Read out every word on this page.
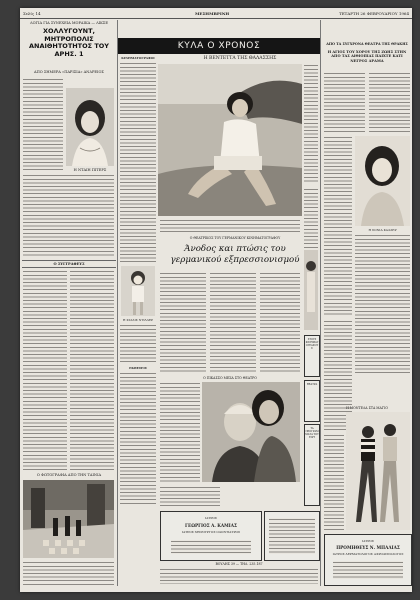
Σελίς 14	ΜΕΣΗΜΒΡΙΝΗ	ΤΕΤΑΡΤΗ 26 ΦΕΒΡΟΥΑΡΙΟΥ 1964
ΛΟΓΙΑ ΓΙΑ ΣΥΝΕΧΕΙΑ ΜΟΡΑΙΚΑ — ΛΙΚΣΕ
ΧΟΛΛΥΓΟΥΝΤ, ΜΗΤΡΟΠΟΛΙΣ ΑΝΑΙΘΗΤΟΤΗΤΟΣ ΤΟΥ ΑΡΗΣ. 1
ΑΠΟ ΣΗΜΕΡΑ «ΠΑΡΙΣΙΑ» ΑΝΔΡΕΙΟΣ
Η ΝΤΑΙΗ ΠΙΤΕΡΣ
Ο ΣΥΓΓΡΑΦΕΥΣ
Ο ΦΩΤΟΓΡΑΦΙΑ ΑΠΟ ΤΗΝ ΤΑΙΝΙΑ
ΚΥΛΑ Ο ΧΡΟΝΟΣ
Η ΒΕΝΤΕΤΤΑ ΤΗΣ ΘΑΛΑΣΣΗΣ
ΚΙΝΗΜΑΤΟΓΡΑΦΟΙ
Η ΦΙΛΛΙΣ ΝΤΙΛΛΕΡ
ΕΚΘΕΣΕΙΣ
Ο ΘΕΑΤΡΙΚΟΣ ΤΟΥ ΓΕΡΜΑΝΙΚΟΥ ΚΙΝΗΜΑΤΟΓΡΑΦΟΥ
Άνοδος και πτώσις του γερμανικού εξπρεσσιονισμού
Ο ΠΙΚΑΣΣΟ ΜΕΣΑ ΣΤΟ ΘΕΑΤΡΟ
ΙΑΤΡΟΣ
ΓΕΩΡΓΙΟΣ Α. ΚΑΜΙΑΣ
ΙΑΤΡΟΣ ΧΕΙΡΟΥΡΓΟΣ ΟΔΟΝΤΙΑΤΡΟΣ
ΒΟΥΛΗΣ 39 — ΤΗΛ. 235.187
ΑΠΟ ΤΑ ΣΥΓΧΡΟΝΑ ΘΕΑΤΡΑ ΤΗΣ ΘΡΑΚΗΣ
Η ΑΓΙΟΣ ΤΟΥ ΧΟΡΟΥ ΤΗΣ ΖΩΗΣ ΣΤΗΝ ΑΠΟ ΤΑΣ ΑΙΘΙΟΠΙΑΣ ΠΑΙΧΤΕ ΚΑΤΙ ΝΕΓΡΟΣ ΔΡΑΜΑ
Η ΣΟΝΙΑ ΚΑΛΛΕΡ
Η ΜΟΝΤΕΛΑ ΣΤΑ ΜΑΓΙΟ
ΙΑΤΡΟΣ
ΠΡΟΜΗΘΕΥΣ Ν. ΜΠΑΛΙΑΣ
ΙΑΤΡΟΣ ΔΕΡΜΑΤΟΛΟΓΟΣ ΑΦΡΟΔΙΣΙΟΛΟΓΟΣ
ΣΤΟΥΣ ΚΙΝΗΜΑΤΟΓΡΑΦΟΥΣ
ΘΕΑΤΡΑ
ΤΑ ΠΡΟΓΡΑΜΜΑΤΑ ΤΟΥ ΕΙΡΤ
